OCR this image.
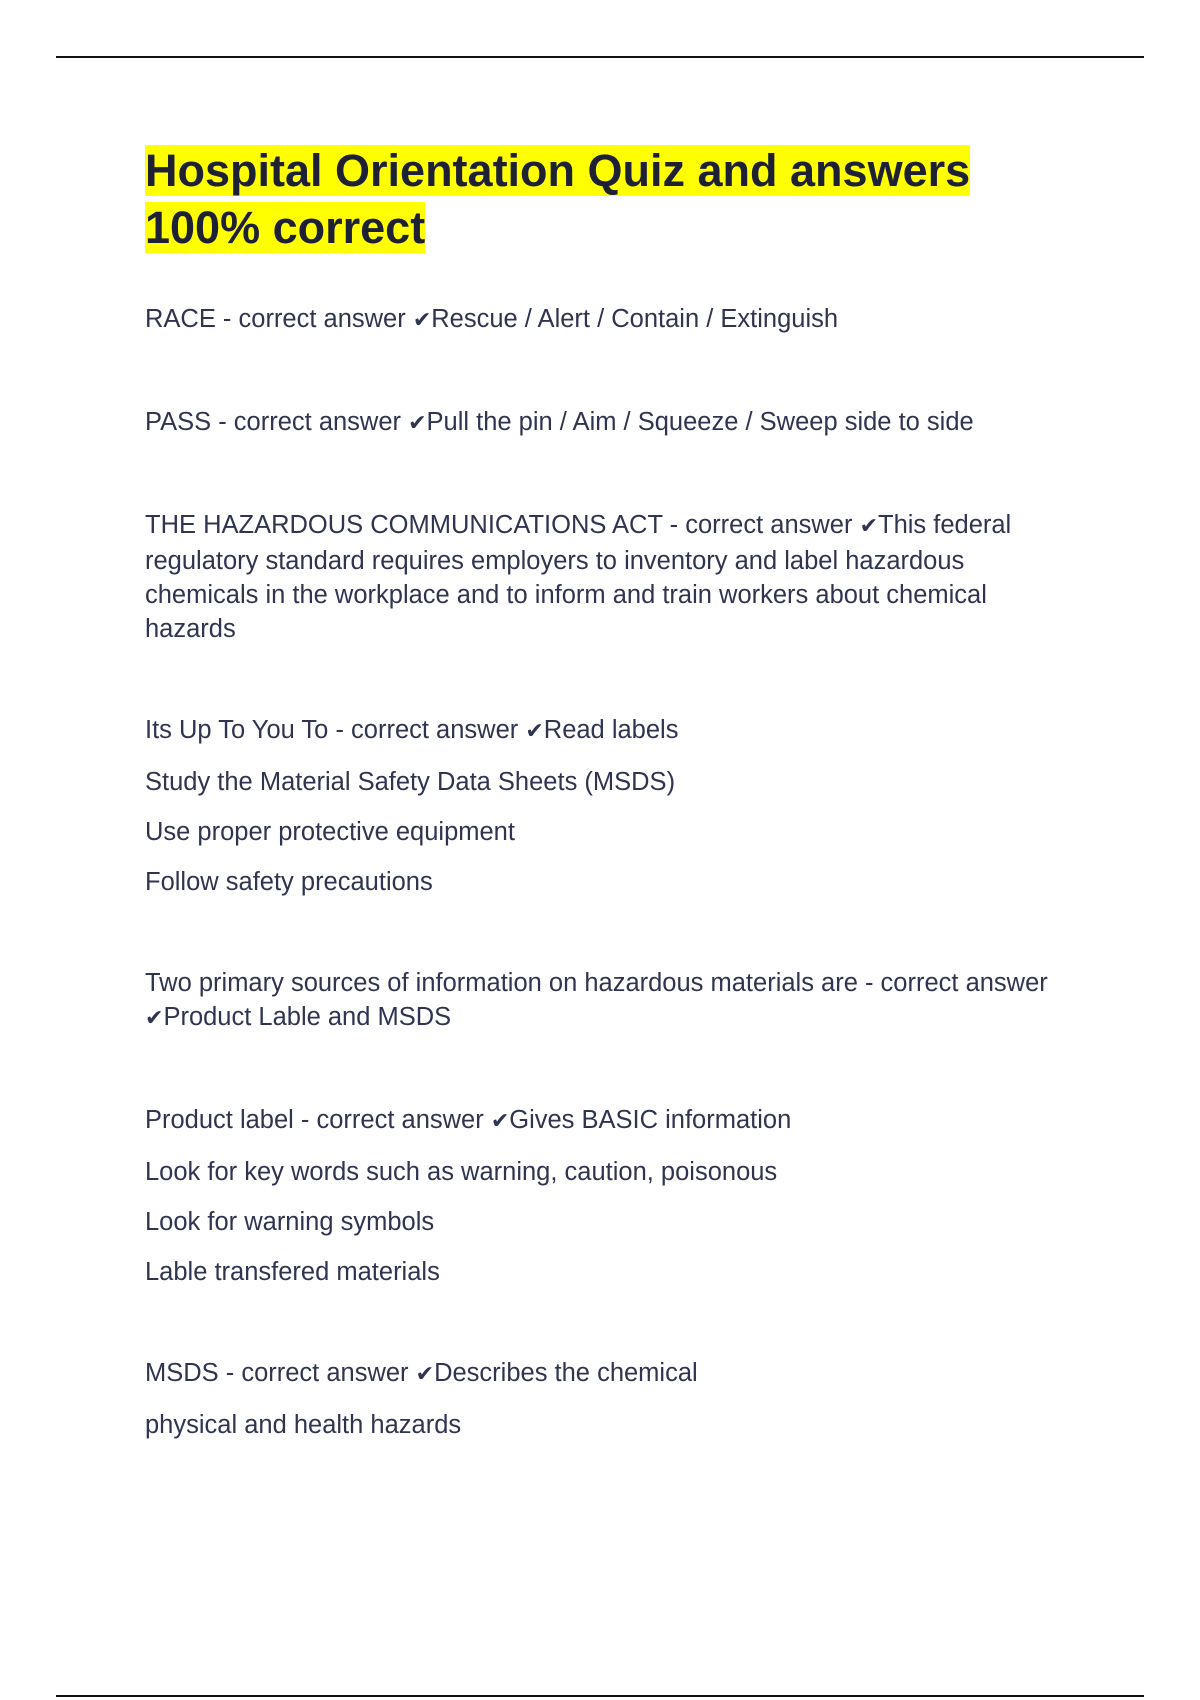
Hospital Orientation Quiz and answers 100% correct

RACE - correct answer ✔Rescue / Alert / Contain / Extinguish

PASS - correct answer ✔Pull the pin / Aim / Squeeze / Sweep side to side

THE HAZARDOUS COMMUNICATIONS ACT - correct answer ✔This federal regulatory standard requires employers to inventory and label hazardous chemicals in the workplace and to inform and train workers about chemical hazards

Its Up To You To - correct answer ✔Read labels

Study the Material Safety Data Sheets (MSDS)

Use proper protective equipment

Follow safety precautions

Two primary sources of information on hazardous materials are - correct answer ✔Product Lable and MSDS

Product label - correct answer ✔Gives BASIC information

Look for key words such as warning, caution, poisonous

Look for warning symbols

Lable transfered materials

MSDS - correct answer ✔Describes the chemical

physical and health hazards
